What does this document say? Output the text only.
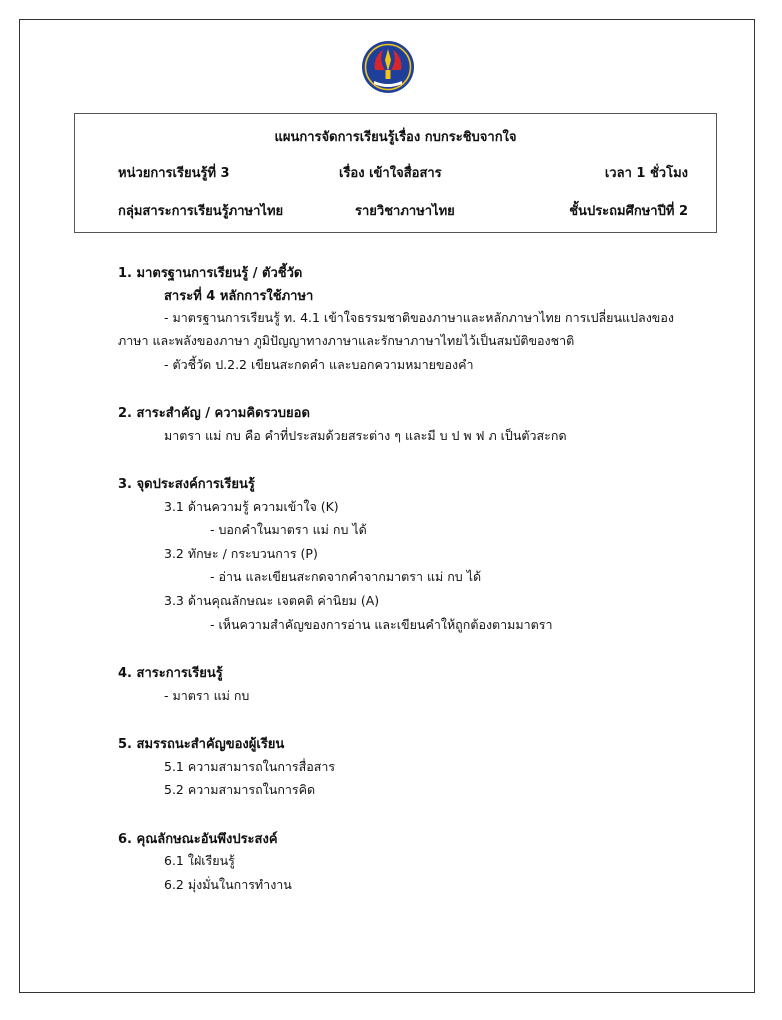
แผนการจัดการเรียนรู้เรื่อง กบกระชิบจากใจ
หน่วยการเรียนรู้ที่ 3	เรื่อง เข้าใจสื่อสาร	เวลา 1 ชั่วโมง
กลุ่มสาระการเรียนรู้ภาษาไทย	รายวิชาภาษาไทย	ชั้นประถมศึกษาปีที่ 2
1. มาตรฐานการเรียนรู้ / ตัวชี้วัด
สาระที่ 4 หลักการใช้ภาษา
- มาตรฐานการเรียนรู้ ท. 4.1 เข้าใจธรรมชาติของภาษาและหลักภาษาไทย การเปลี่ยนแปลงของ
ภาษา และพลังของภาษา ภูมิปัญญาทางภาษาและรักษาภาษาไทยไว้เป็นสมบัติของชาติ
- ตัวชี้วัด ป.2.2 เขียนสะกดคำ และบอกความหมายของคำ
2. สาระสำคัญ / ความคิดรวบยอด
มาตรา แม่ กบ คือ คำที่ประสมด้วยสระต่าง ๆ และมี บ ป พ ฟ ภ เป็นตัวสะกด
3. จุดประสงค์การเรียนรู้
3.1 ด้านความรู้ ความเข้าใจ (K)
- บอกคำในมาตรา แม่ กบ ได้
3.2 ทักษะ / กระบวนการ (P)
- อ่าน และเขียนสะกดจากคำจากมาตรา แม่ กบ ได้
3.3 ด้านคุณลักษณะ เจตคติ ค่านิยม (A)
- เห็นความสำคัญของการอ่าน และเขียนคำให้ถูกต้องตามมาตรา
4. สาระการเรียนรู้
- มาตรา แม่ กบ
5. สมรรถนะสำคัญของผู้เรียน
5.1 ความสามารถในการสื่อสาร
5.2 ความสามารถในการคิด
6. คุณลักษณะอันพึงประสงค์
6.1 ใฝ่เรียนรู้
6.2 มุ่งมั่นในการทำงาน
